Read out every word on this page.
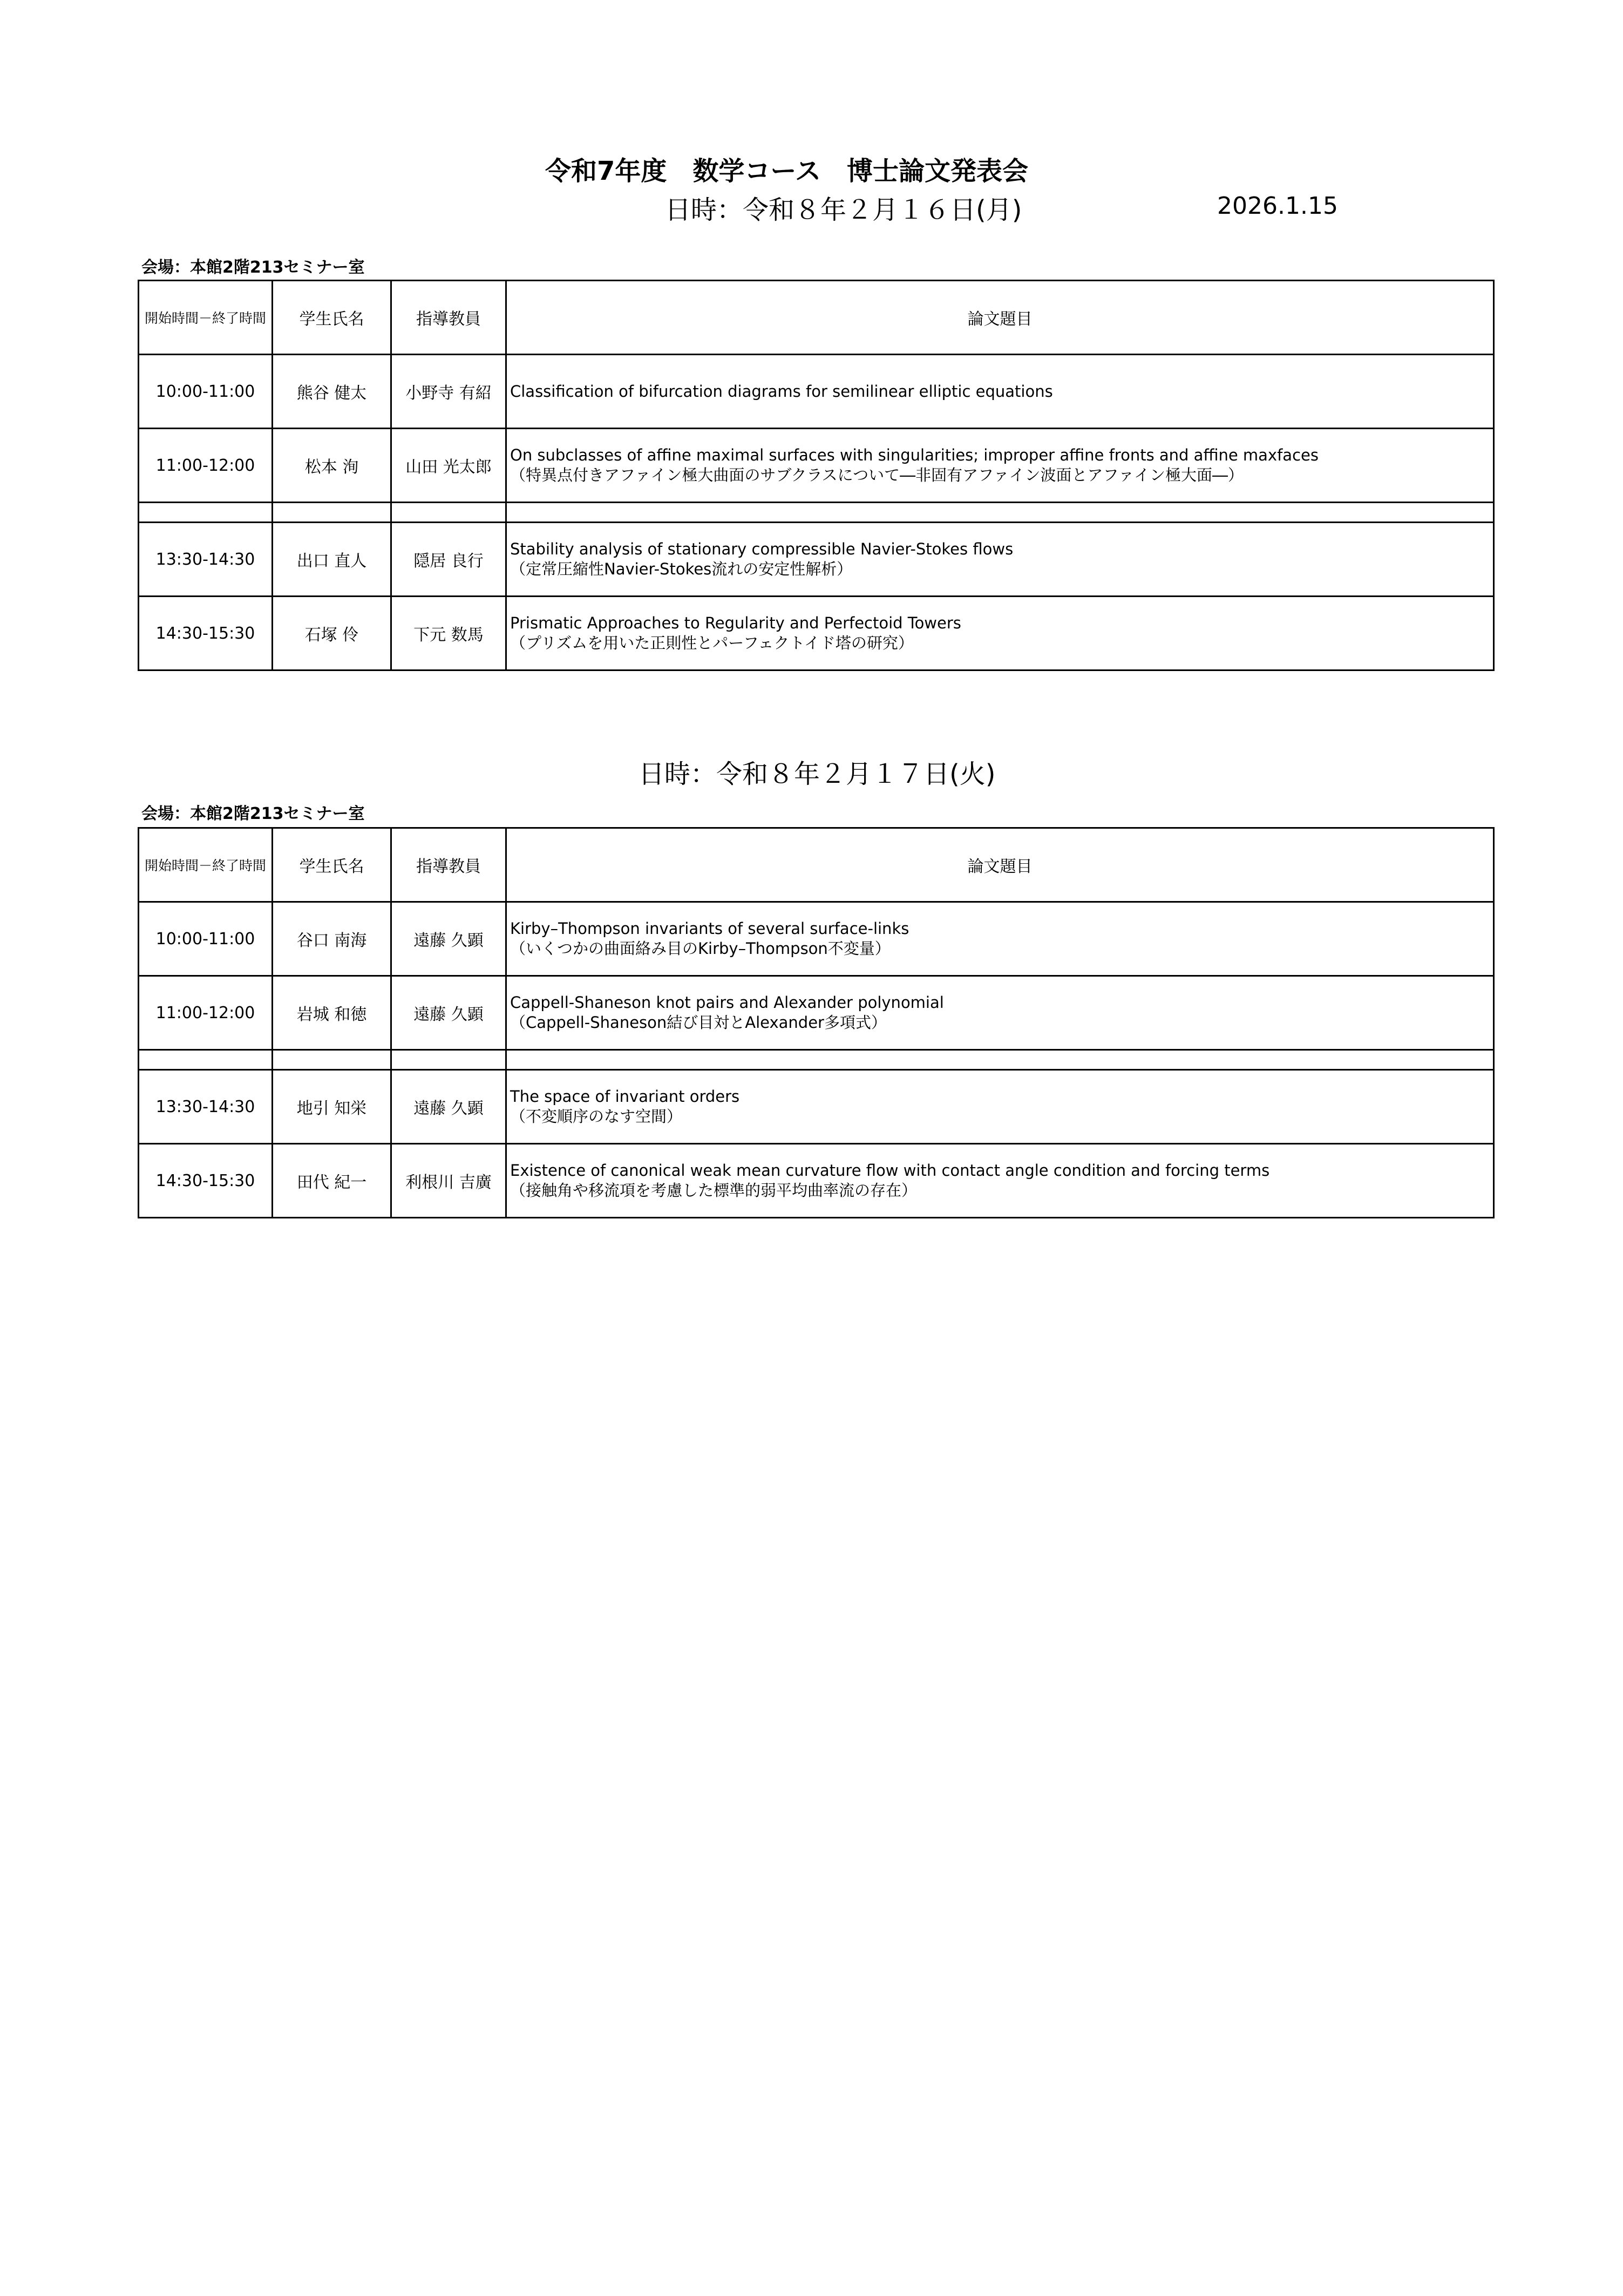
令和7年度　数学コース　博士論文発表会
日時：令和８年２月１６日(月)	2026.1.15
会場：本館2階213セミナー室
開始時間－終了時間	学生氏名	指導教員	論文題目
10:00-11:00	熊谷 健太	小野寺 有紹	Classification of bifurcation diagrams for semilinear elliptic equations

11:00-12:00	松本 洵	山田 光太郎	On subclasses of affine maximal surfaces with singularities; improper affine fronts and affine maxfaces
（特異点付きアファイン極大曲面のサブクラスについて―非固有アファイン波面とアファイン極大面―）

13:30-14:30	出口 直人	隠居 良行	Stability analysis of stationary compressible Navier-Stokes flows
（定常圧縮性Navier-Stokes流れの安定性解析）

14:30-15:30	石塚 伶	下元 数馬	Prismatic Approaches to Regularity and Perfectoid Towers
（プリズムを用いた正則性とパーフェクトイド塔の研究）
日時：令和８年２月１７日(火)
会場：本館2階213セミナー室
開始時間－終了時間	学生氏名	指導教員	論文題目
10:00-11:00	谷口 南海	遠藤 久顕	Kirby–Thompson invariants of several surface-links
（いくつかの曲面絡み目のKirby–Thompson不変量）

11:00-12:00	岩城 和徳	遠藤 久顕	Cappell-Shaneson knot pairs and Alexander polynomial
（Cappell-Shaneson結び目対とAlexander多項式）

13:30-14:30	地引 知栄	遠藤 久顕	The space of invariant orders
（不変順序のなす空間）

14:30-15:30	田代 紀一	利根川 吉廣	Existence of canonical weak mean curvature flow with contact angle condition and forcing terms
（接触角や移流項を考慮した標準的弱平均曲率流の存在）
